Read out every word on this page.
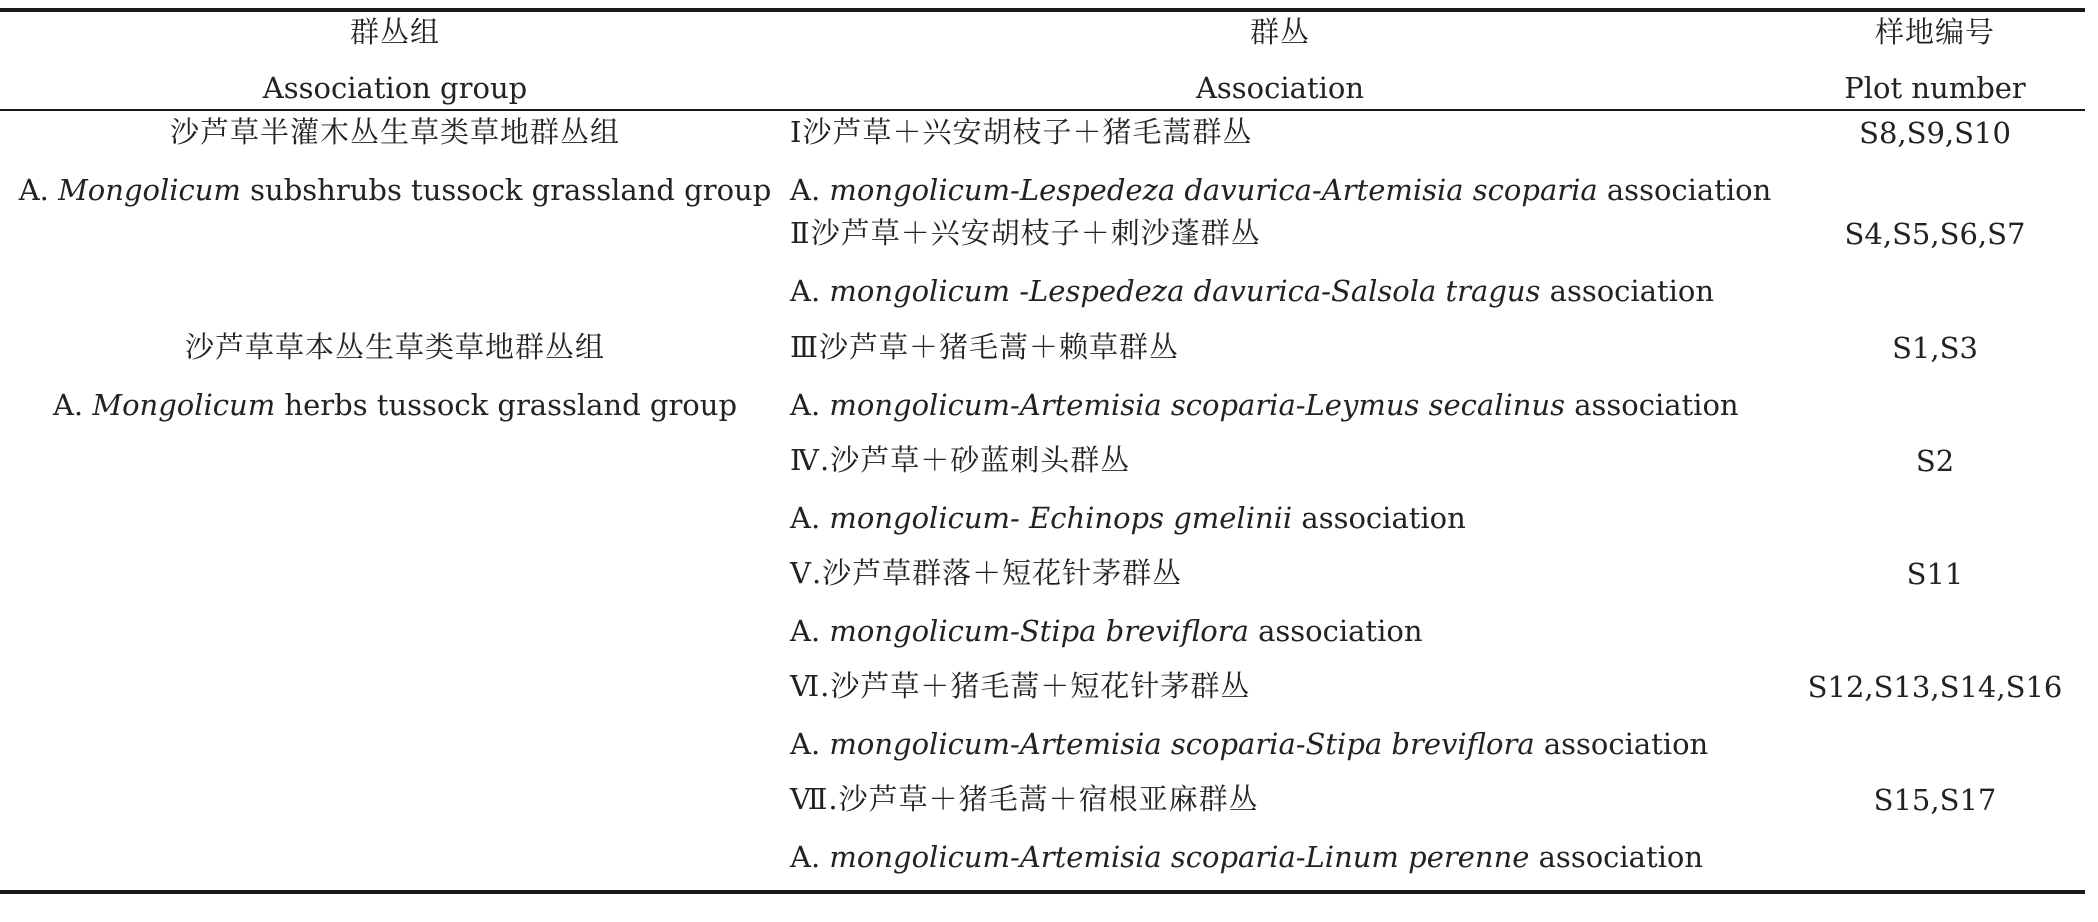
群丛组
Association group
群丛
Association
样地编号
Plot number
沙芦草半灌木丛生草类草地群丛组
A. Mongolicum subshrubs tussock grassland group
沙芦草草本丛生草类草地群丛组
A. Mongolicum herbs tussock grassland group
Ⅰ沙芦草＋兴安胡枝子＋猪毛蒿群丛
A. mongolicum-Lespedeza davurica-Artemisia scoparia association
S8,S9,S10
Ⅱ沙芦草＋兴安胡枝子＋刺沙蓬群丛
A. mongolicum -Lespedeza davurica-Salsola tragus association
S4,S5,S6,S7
Ⅲ沙芦草＋猪毛蒿＋赖草群丛
A. mongolicum-Artemisia scoparia-Leymus secalinus association
S1,S3
Ⅳ.沙芦草＋砂蓝刺头群丛
A. mongolicum- Echinops gmelinii association
S2
Ⅴ.沙芦草群落＋短花针茅群丛
A. mongolicum-Stipa breviflora association
S11
Ⅵ.沙芦草＋猪毛蒿＋短花针茅群丛
A. mongolicum-Artemisia scoparia-Stipa breviflora association
S12,S13,S14,S16
Ⅶ.沙芦草＋猪毛蒿＋宿根亚麻群丛
A. mongolicum-Artemisia scoparia-Linum perenne association
S15,S17
